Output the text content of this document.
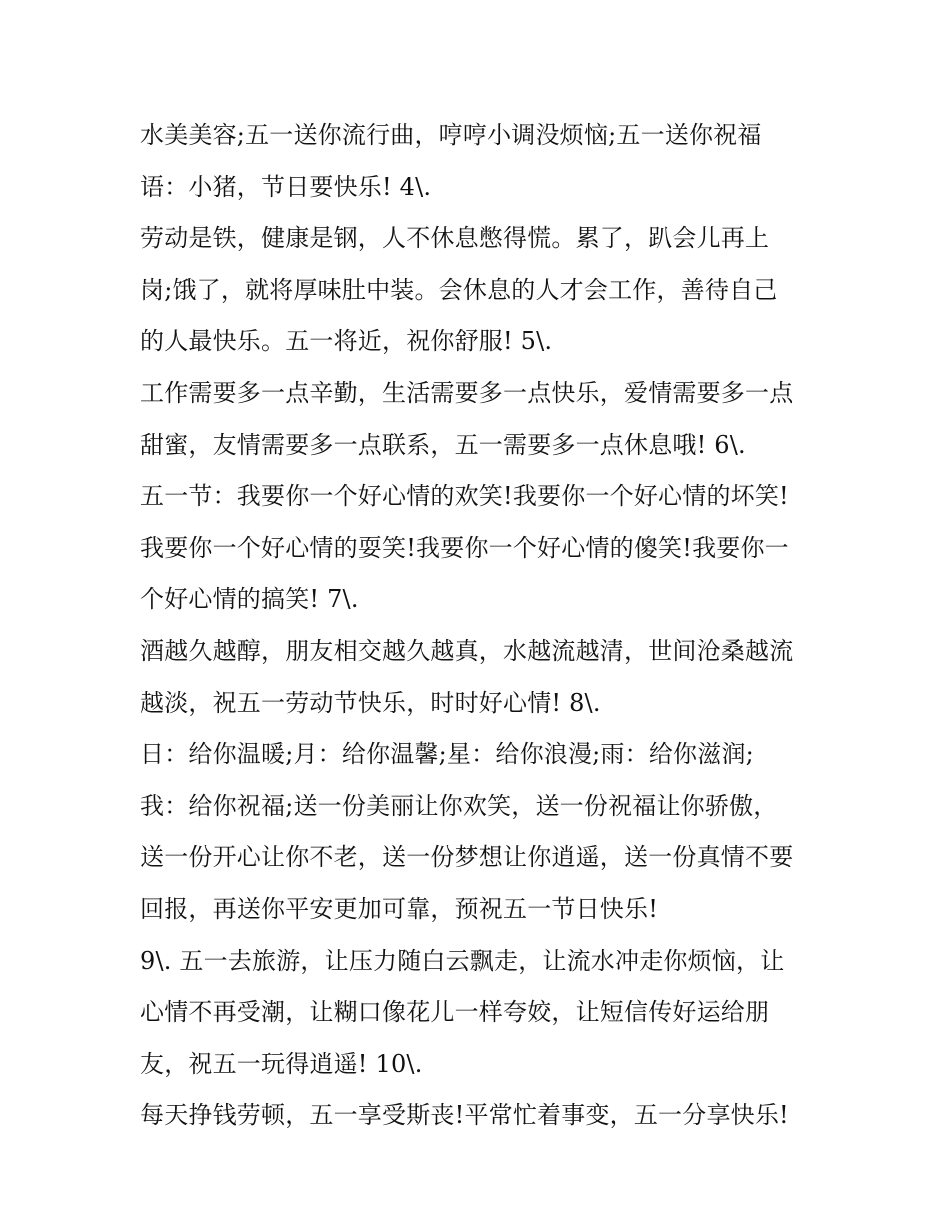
水美美容;五一送你流行曲，哼哼小调没烦恼;五一送你祝福
语：小猪，节日要快乐! 4\.
劳动是铁，健康是钢，人不休息憋得慌。累了，趴会儿再上
岗;饿了，就将厚味肚中装。会休息的人才会工作，善待自己
的人最快乐。五一将近，祝你舒服! 5\.
工作需要多一点辛勤，生活需要多一点快乐，爱情需要多一点
甜蜜，友情需要多一点联系，五一需要多一点休息哦! 6\.
五一节：我要你一个好心情的欢笑!我要你一个好心情的坏笑!
我要你一个好心情的耍笑!我要你一个好心情的傻笑!我要你一
个好心情的搞笑! 7\.
酒越久越醇，朋友相交越久越真，水越流越清，世间沧桑越流
越淡，祝五一劳动节快乐，时时好心情! 8\.
日：给你温暖;月：给你温馨;星：给你浪漫;雨：给你滋润;
我：给你祝福;送一份美丽让你欢笑，送一份祝福让你骄傲，
送一份开心让你不老，送一份梦想让你逍遥，送一份真情不要
回报，再送你平安更加可靠，预祝五一节日快乐!
9\. 五一去旅游，让压力随白云飘走，让流水冲走你烦恼，让
心情不再受潮，让糊口像花儿一样夸姣，让短信传好运给朋
友，祝五一玩得逍遥! 10\.
每天挣钱劳顿，五一享受斯丧!平常忙着事变，五一分享快乐!
